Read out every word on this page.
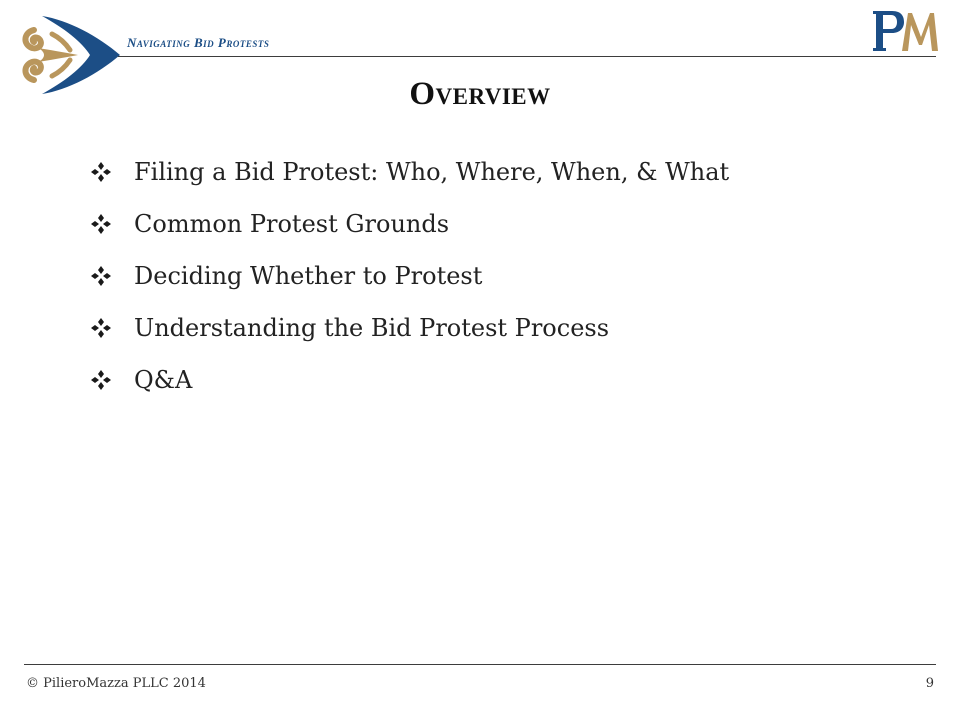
Navigating Bid Protests
Overview
Filing a Bid Protest: Who, Where, When, & What
Common Protest Grounds
Deciding Whether to Protest
Understanding the Bid Protest Process
Q&A
© PilieroMazza PLLC 2014	9
